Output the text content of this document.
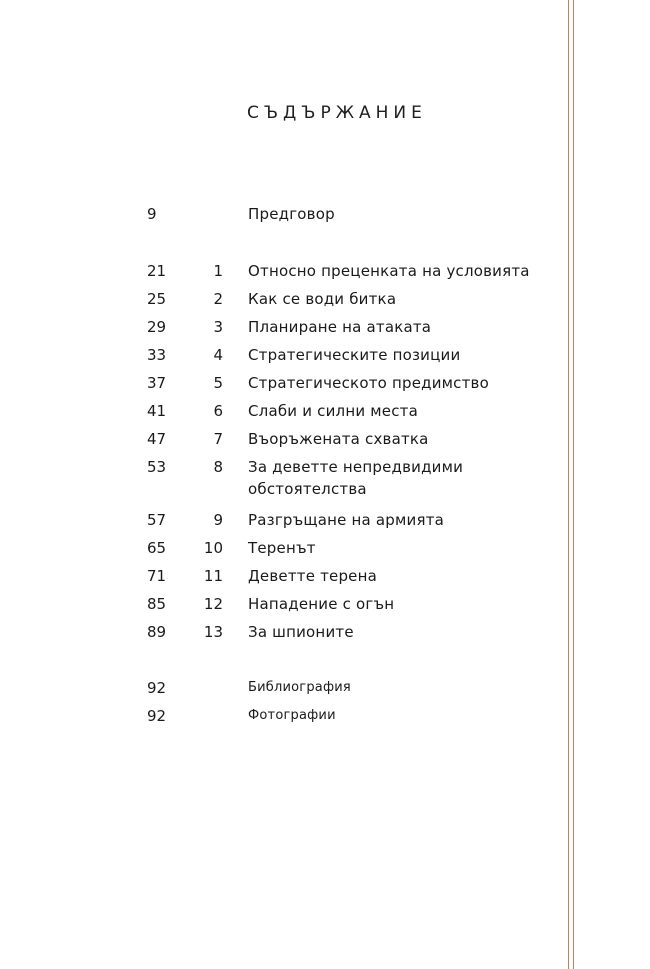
СЪДЪРЖАНИЕ
9	Предговор
21	1 Относно преценката на условията
25	2 Как се води битка
29	3 Планиране на атаката
33	4 Стратегическите позиции
37	5 Стратегическото предимство
41	6 Слаби и силни места
47	7 Въоръжената схватка
53	8 За деветте непредвидими
обстоятелства
57	9 Разгръщане на армията
65	10 Теренът
71	11 Деветте терена
85	12 Нападение с огън
89	13 За шпионите
92	Библиография
92	Фотографии
